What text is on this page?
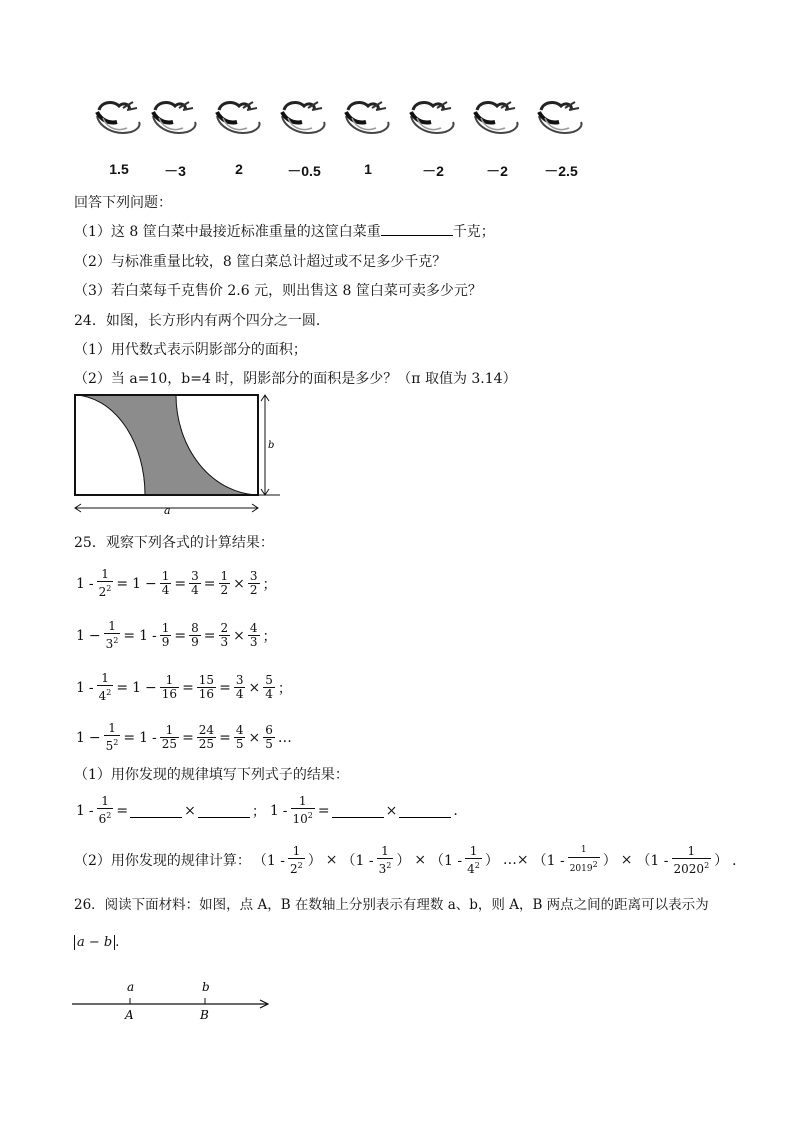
1.5	－3	2	－0.5	1	－2	－2	－2.5
回答下列问题：
（1）这 8 筐白菜中最接近标准重量的这筐白菜重	千克；
（2）与标准重量比较，8 筐白菜总计超过或不足多少千克？
（3）若白菜每千克售价 2.6 元，则出售这 8 筐白菜可卖多少元？
24．如图，长方形内有两个四分之一圆．
（1）用代数式表示阴影部分的面积；
（2）当 a=10，b=4 时，阴影部分的面积是多少？（π 取值为 3.14）
b
a
25．观察下列各式的计算结果：
$1 - \frac{1}{2^2} = 1 - \frac{1}{4} = \frac{3}{4} = \frac{1}{2} \times \frac{3}{2}$ ；
$1 - \frac{1}{3^2} = 1 - \frac{1}{9} = \frac{8}{9} = \frac{2}{3} \times \frac{4}{3}$ ；
$1 - \frac{1}{4^2} = 1 - \frac{1}{16} = \frac{15}{16} = \frac{3}{4} \times \frac{5}{4}$ ；
$1 - \frac{1}{5^2} = 1 - \frac{1}{25} = \frac{24}{25} = \frac{4}{5} \times \frac{6}{5}$ …
（1）用你发现的规律填写下列式子的结果：
$1 - \frac{1}{6^2}$ =	×	； $1 - \frac{1}{10^2}$ =	×	.
（2）用你发现的规律计算： （$1 - \frac{1}{2^2}$ ） × （$1 - \frac{1}{3^2}$ ） × （$1 - \frac{1}{4^2}$ ） …× （$1 - \frac{1}{2019^2}$ ） × （$1 - \frac{1}{2020^2}$ ） ．
26．阅读下面材料：如图，点 A，B 在数轴上分别表示有理数 a、b，则 A，B 两点之间的距离可以表示为
a − b .
a
A
b
B
